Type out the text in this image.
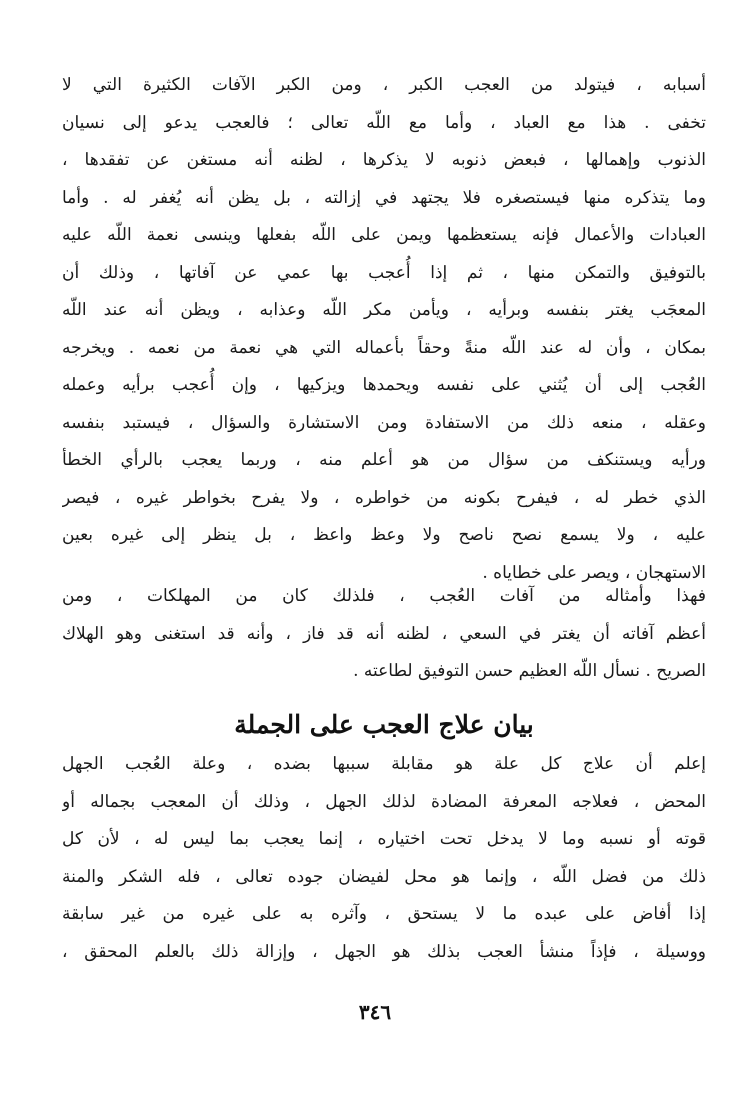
أسبابه ، فيتولد من العجب الكبر ، ومن الكبر الآفات الكثيرة التي لا
تخفى . هذا مع العباد ، وأما مع اللّه تعالى ؛ فالعجب يدعو إلى نسيان
الذنوب وإهمالها ، فبعض ذنوبه لا يذكرها ، لظنه أنه مستغن عن تفقدها ،
وما يتذكره منها فيستصغره فلا يجتهد في إزالته ، بل يظن أنه يُغفر له . وأما
العبادات والأعمال فإنه يستعظمها ويمن على اللّه بفعلها وينسى نعمة اللّه عليه
بالتوفيق والتمكن منها ، ثم إذا أُعجب بها عمي عن آفاتها ، وذلك أن
المعجَب يغتر بنفسه وبرأيه ، ويأمن مكر اللّه وعذابه ، ويظن أنه عند اللّه
بمكان ، وأن له عند اللّه منةً وحقاً بأعماله التي هي نعمة من نعمه . ويخرجه
العُجب إلى أن يُثني على نفسه ويحمدها ويزكيها ، وإن أُعجب برأيه وعمله
وعقله ، منعه ذلك من الاستفادة ومن الاستشارة والسؤال ، فيستبد بنفسه
ورأيه ويستنكف من سؤال من هو أعلم منه ، وربما يعجب بالرأي الخطأ
الذي خطر له ، فيفرح بكونه من خواطره ، ولا يفرح بخواطر غيره ، فيصر
عليه ، ولا يسمع نصح ناصح ولا وعظ واعظ ، بل ينظر إلى غيره بعين
الاستهجان ، ويصر على خطاياه .
فهذا وأمثاله من آفات العُجب ، فلذلك كان من المهلكات ، ومن
أعظم آفاته أن يغتر في السعي ، لظنه أنه قد فاز ، وأنه قد استغنى وهو الهلاك
الصريح . نسأل اللّه العظيم حسن التوفيق لطاعته .
بيان علاج العجب على الجملة
إعلم أن علاج كل علة هو مقابلة سببها بضده ، وعلة العُجب الجهل
المحض ، فعلاجه المعرفة المضادة لذلك الجهل ، وذلك أن المعجب بجماله أو
قوته أو نسبه وما لا يدخل تحت اختياره ، إنما يعجب بما ليس له ، لأن كل
ذلك من فضل اللّه ، وإنما هو محل لفيضان جوده تعالى ، فله الشكر والمنة
إذا أفاض على عبده ما لا يستحق ، وآثره به على غيره من غير سابقة
ووسيلة ، فإذاً منشأ العجب بذلك هو الجهل ، وإزالة ذلك بالعلم المحقق ،
٣٤٦
